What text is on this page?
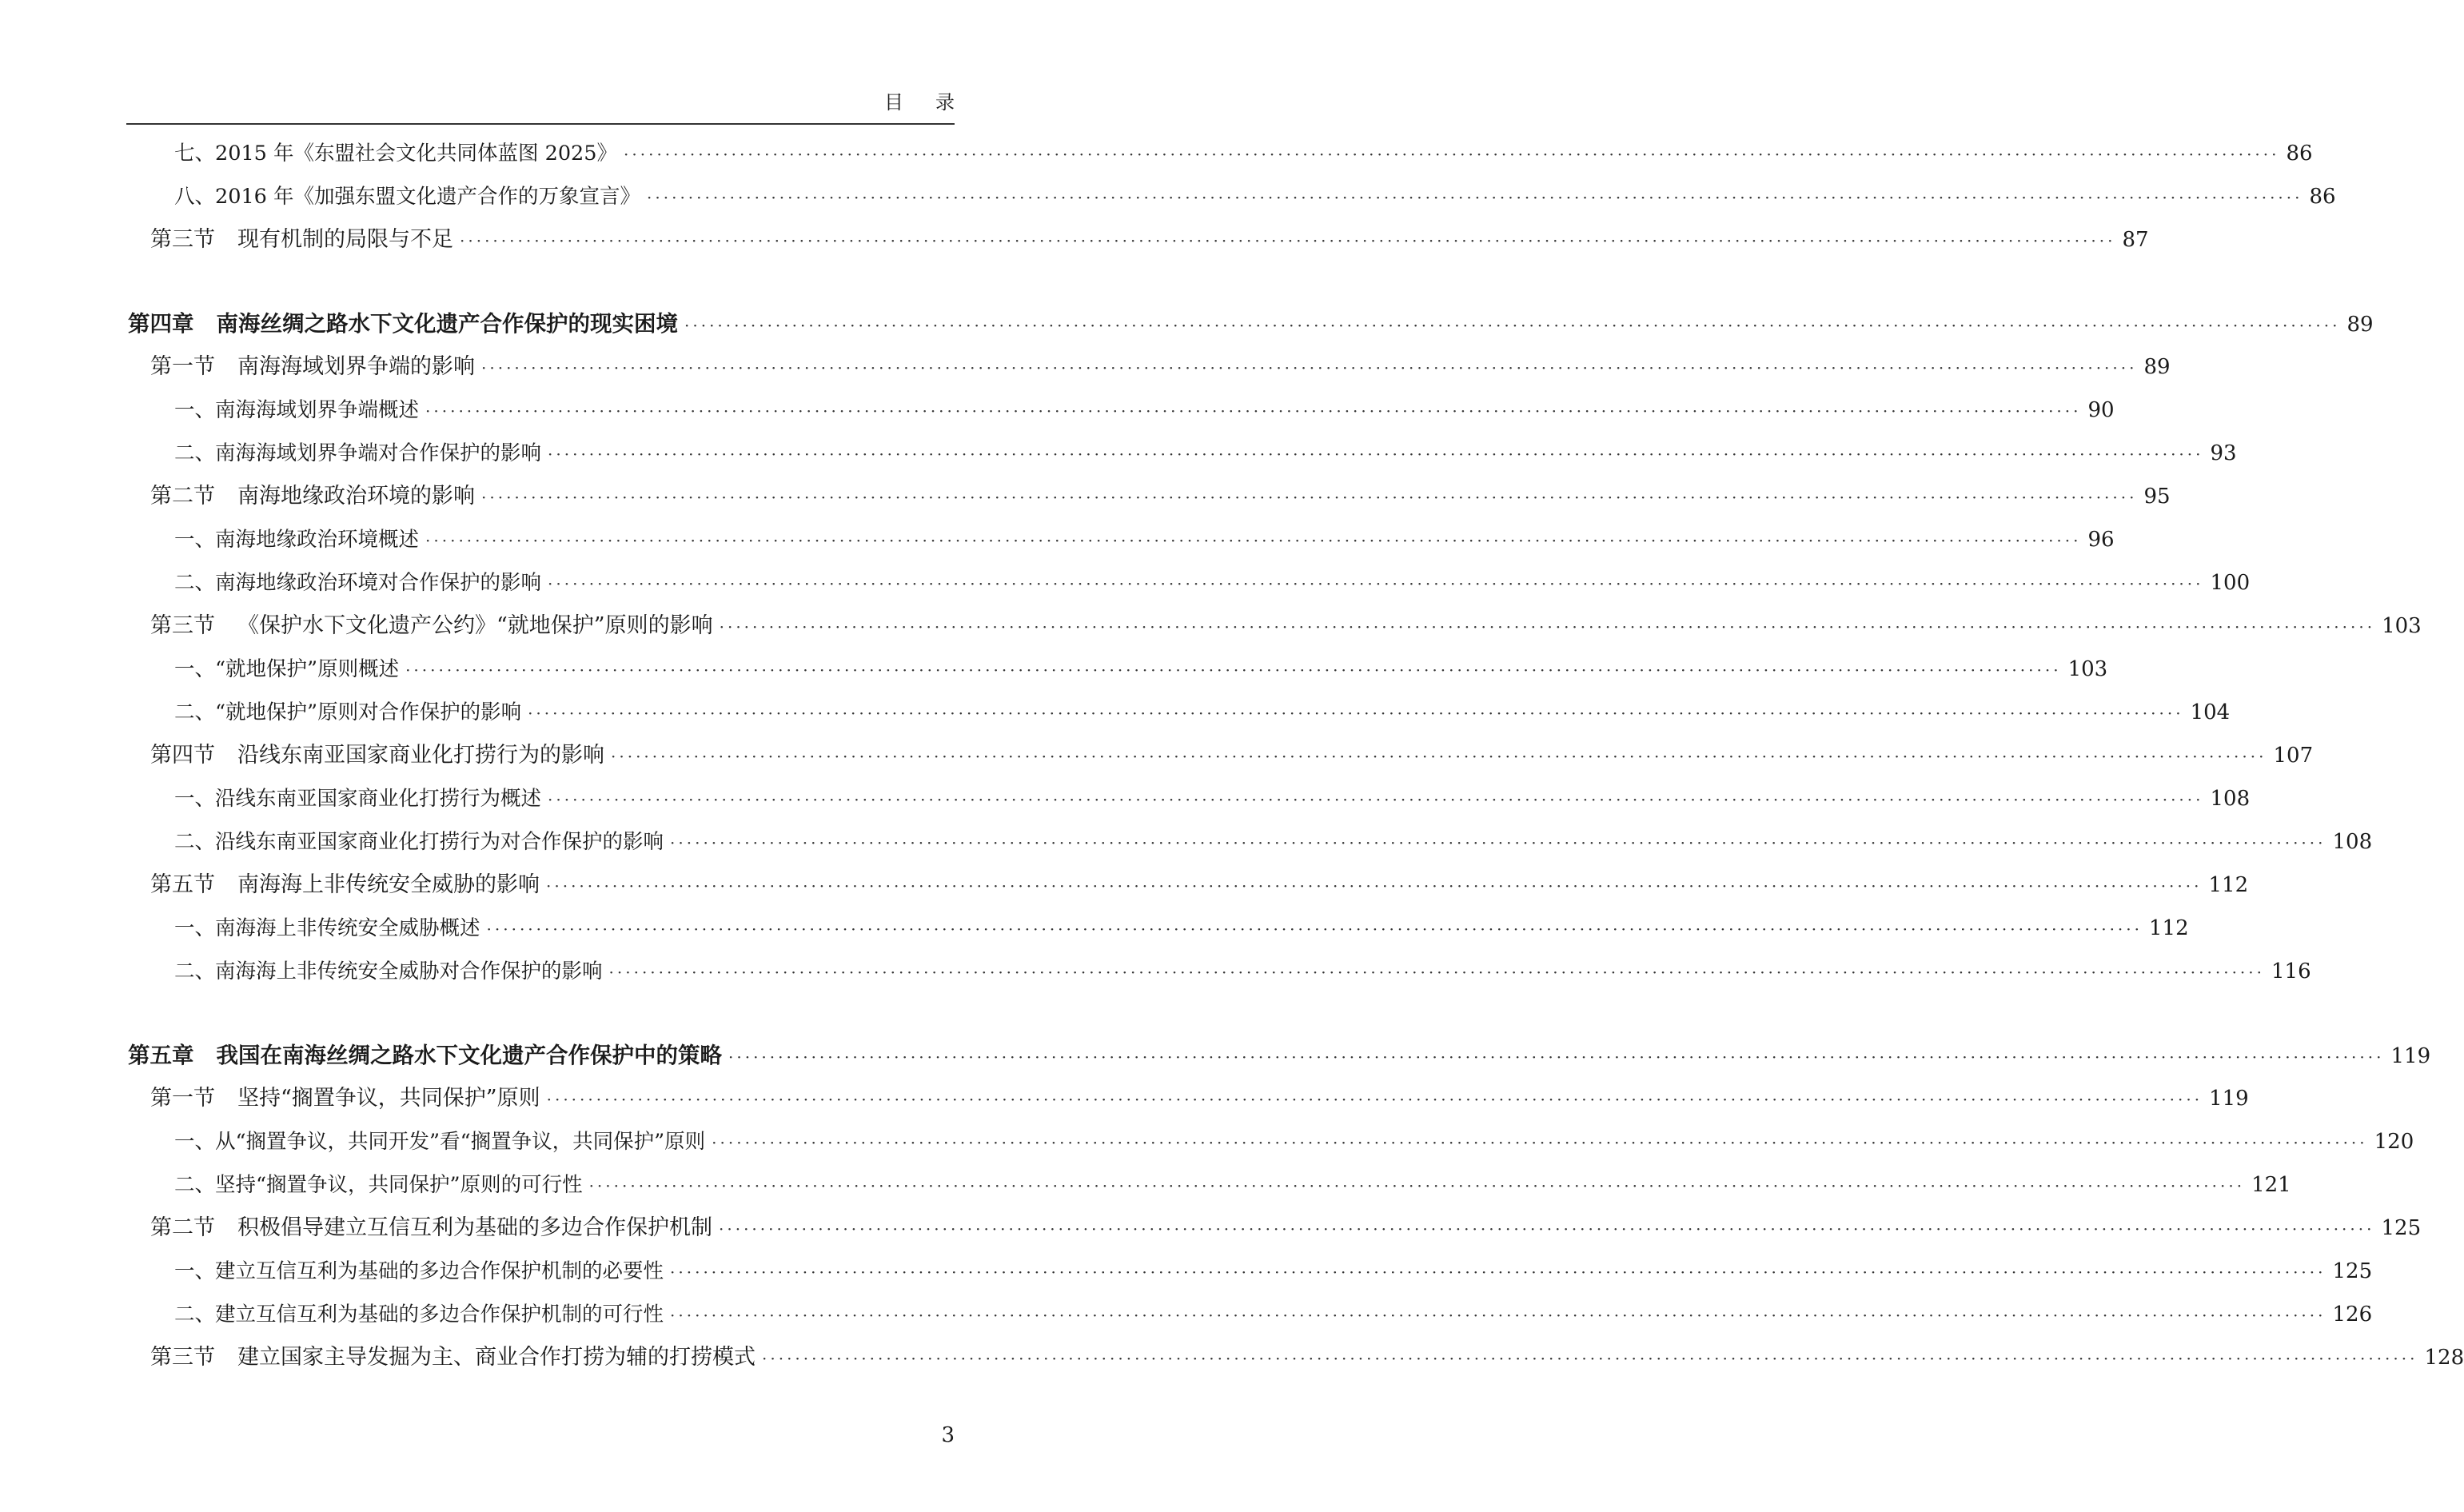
目录
七、2015 年《东盟社会文化共同体蓝图 2025》 ········································································································································································································ 86
八、2016 年《加强东盟文化遗产合作的万象宣言》 ········································································································································································································ 86
第三节 现有机制的局限与不足 ········································································································································································································ 87
第四章 南海丝绸之路水下文化遗产合作保护的现实困境 ········································································································································································································ 89
第一节 南海海域划界争端的影响 ········································································································································································································ 89
一、南海海域划界争端概述 ········································································································································································································ 90
二、南海海域划界争端对合作保护的影响 ········································································································································································································ 93
第二节 南海地缘政治环境的影响 ········································································································································································································ 95
一、南海地缘政治环境概述 ········································································································································································································ 96
二、南海地缘政治环境对合作保护的影响 ········································································································································································································ 100
第三节 《保护水下文化遗产公约》“就地保护”原则的影响 ········································································································································································································ 103
一、“就地保护”原则概述 ········································································································································································································ 103
二、“就地保护”原则对合作保护的影响 ········································································································································································································ 104
第四节 沿线东南亚国家商业化打捞行为的影响 ········································································································································································································ 107
一、沿线东南亚国家商业化打捞行为概述 ········································································································································································································ 108
二、沿线东南亚国家商业化打捞行为对合作保护的影响 ········································································································································································································ 108
第五节 南海海上非传统安全威胁的影响 ········································································································································································································ 112
一、南海海上非传统安全威胁概述 ········································································································································································································ 112
二、南海海上非传统安全威胁对合作保护的影响 ········································································································································································································ 116
第五章 我国在南海丝绸之路水下文化遗产合作保护中的策略 ········································································································································································································ 119
第一节 坚持“搁置争议，共同保护”原则 ········································································································································································································ 119
一、从“搁置争议，共同开发”看“搁置争议，共同保护”原则 ········································································································································································································ 120
二、坚持“搁置争议，共同保护”原则的可行性 ········································································································································································································ 121
第二节 积极倡导建立互信互利为基础的多边合作保护机制 ········································································································································································································ 125
一、建立互信互利为基础的多边合作保护机制的必要性 ········································································································································································································ 125
二、建立互信互利为基础的多边合作保护机制的可行性 ········································································································································································································ 126
第三节 建立国家主导发掘为主、商业合作打捞为辅的打捞模式 ········································································································································································································ 128
3
